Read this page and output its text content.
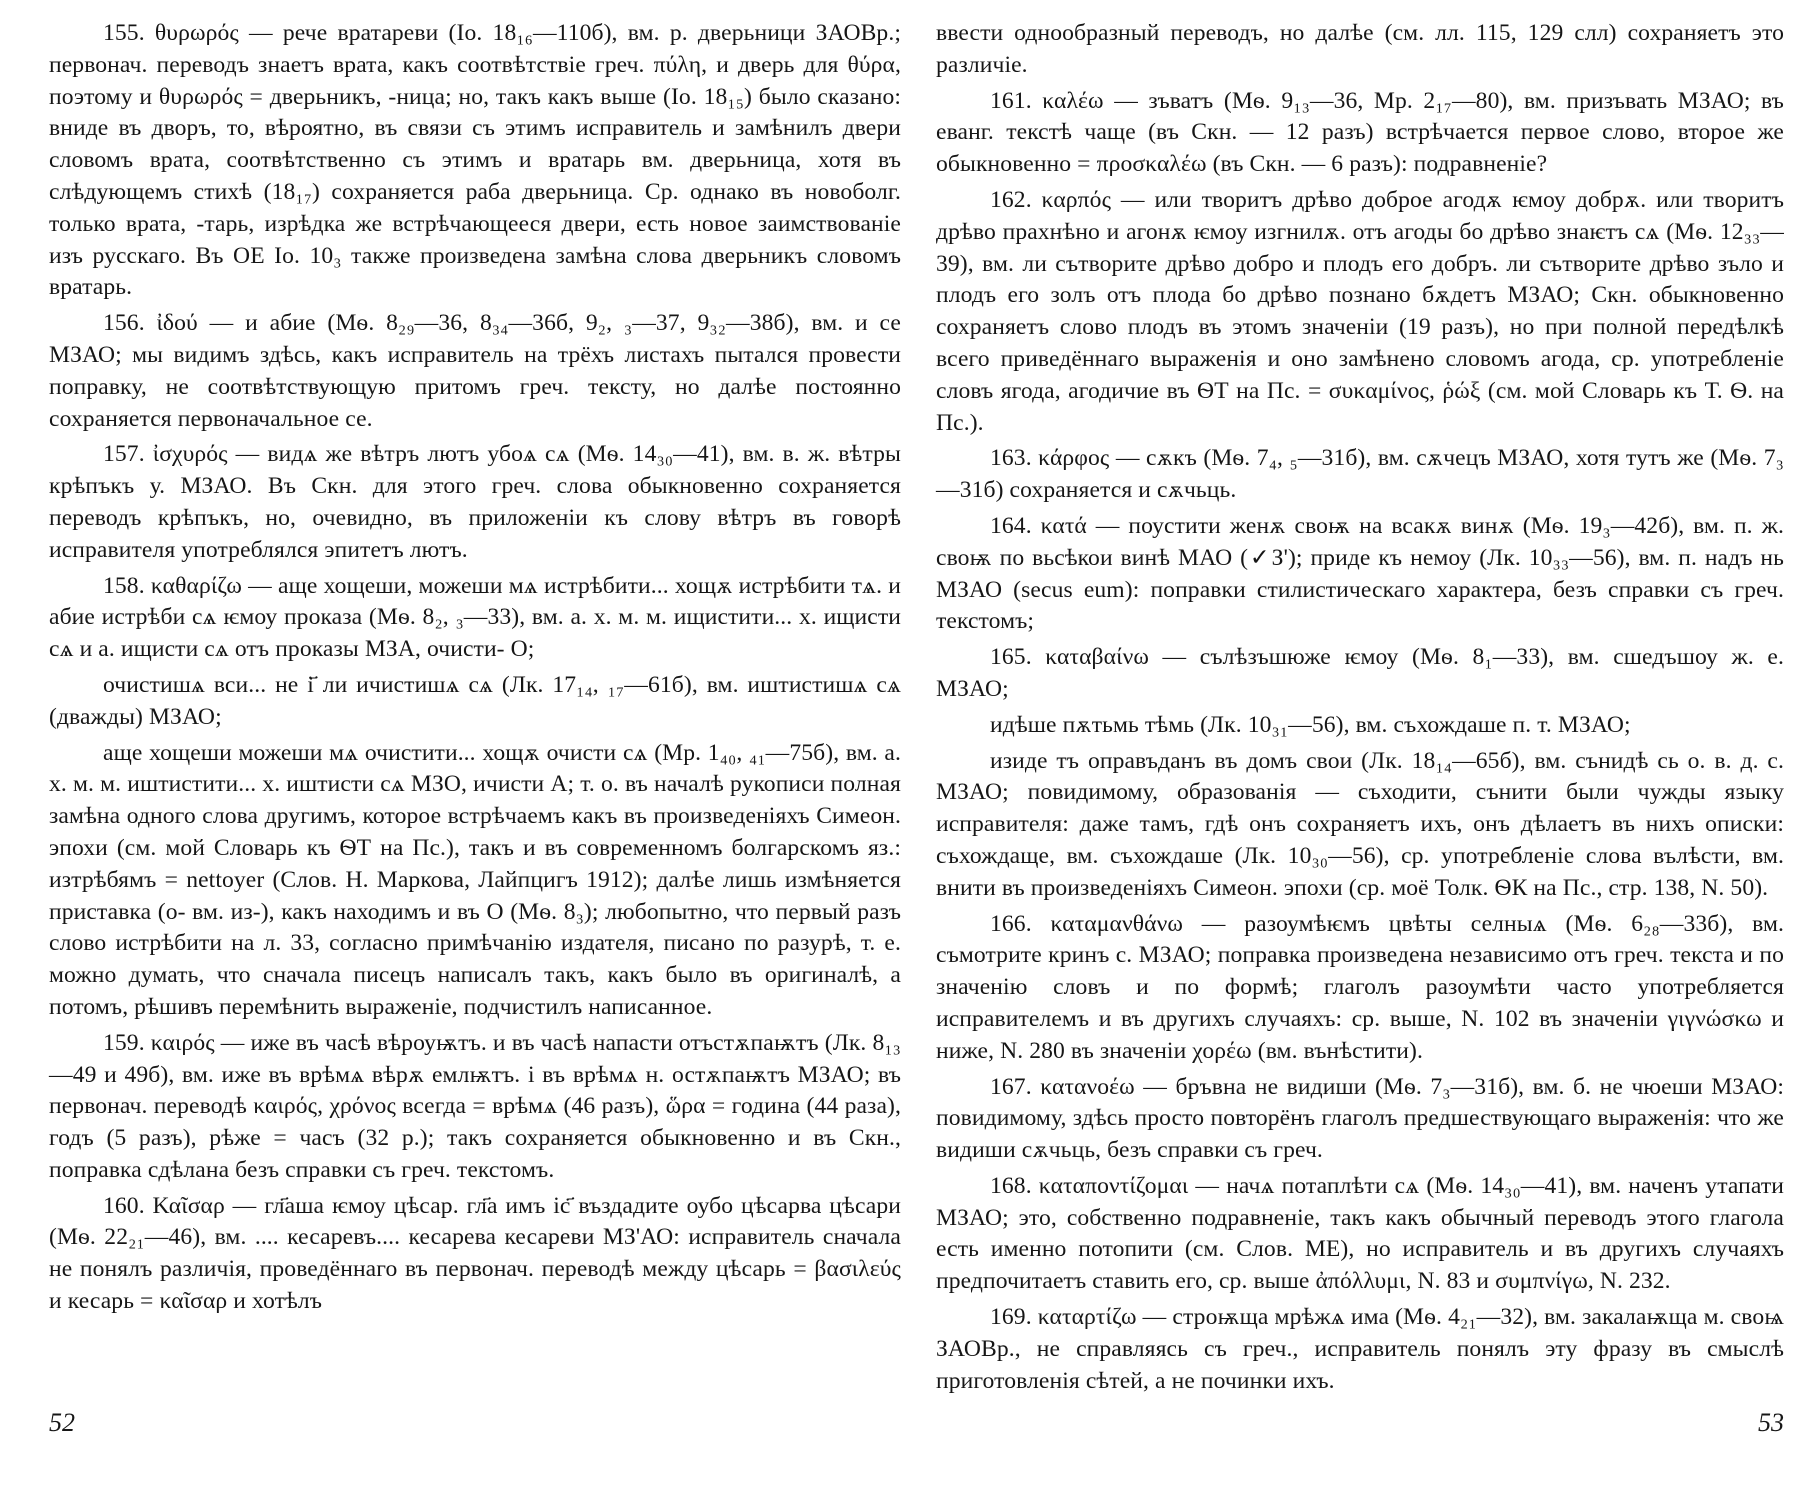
155. θυρωρός — рече вратареви (Іо. 18₁₆—110б), вм. р. дверьници ЗАОВр.; первонач. переводъ знаетъ врата, какъ соотвѣтствіе греч. πύλη, и дверь для θύρα, поэтому и θυρωρός = дверьникъ, -ница; но, такъ какъ выше (Іо. 18₁₅) было сказано: вниде въ дворъ, то, вѣроятно, въ связи съ этимъ исправитель и замѣнилъ двери словомъ врата, соотвѣтственно съ этимъ и вратарь вм. дверьница, хотя въ слѣдующемъ стихѣ (18₁₇) сохраняется раба дверьница. Ср. однако въ новоболг. только врата, -тарь, изрѣдка же встрѣчающееся двери, есть новое заимствованіе изъ русскаго. Въ ОЕ Іо. 10₃ также произведена замѣна слова дверьникъ словомъ вратарь.

156. ἰδού — и абие (Мѳ. 8₂₉—36, 8₃₄—36б, 9₂, ₃—37, 9₃₂—38б), вм. и се МЗАО; мы видимъ здѣсь, какъ исправитель на трёхъ листахъ пытался провести поправку, не соотвѣтствующую притомъ греч. тексту, но далѣе постоянно сохраняется первоначальное се.

157. ἰσχυρός — видѧ же вѣтръ лютъ убоѧ сѧ (Мѳ. 14₃₀—41), вм. в. ж. вѣтры крѣпъкъ у. МЗАО. Въ Скн. для этого греч. слова обыкновенно сохраняется переводъ крѣпъкъ, но, очевидно, въ приложеніи къ слову вѣтръ въ говорѣ исправителя употреблялся эпитетъ лютъ.

158. καθαρίζω — аще хощеши, можеши мѧ истрѣбити... хощѫ истрѣбити тѧ. и абие истрѣби сѧ ѥмоу проказа (Мѳ. 8₂, ₃—33), вм. а. х. м. м. ищистити... х. ищисти сѧ и а. ищисти сѧ отъ проказы МЗА, очисти- О;

очистишѧ вси... не і҃ ли ичистишѧ сѧ (Лк. 17₁₄, ₁₇—61б), вм. иштистишѧ сѧ (дважды) МЗАО;

аще хощеши можеши мѧ очистити... хощѫ очисти сѧ (Мр. 1₄₀, ₄₁—75б), вм. а. х. м. м. иштистити... х. иштисти сѧ МЗО, ичисти А; т. о. въ началѣ рукописи полная замѣна одного слова другимъ, которое встрѣчаемъ какъ въ произведеніяхъ Симеон. эпохи (см. мой Словарь къ ѲТ на Пс.), такъ и въ современномъ болгарскомъ яз.: изтрѣбямъ = nettoyer (Слов. Н. Маркова, Лайпцигъ 1912); далѣе лишь измѣняется приставка (о- вм. из-), какъ находимъ и въ О (Мѳ. 8₃); любопытно, что первый разъ слово истрѣбити на л. 33, согласно примѣчанію издателя, писано по разурѣ, т. е. можно думать, что сначала писецъ написалъ такъ, какъ было въ оригиналѣ, а потомъ, рѣшивъ перемѣнить выраженіе, подчистилъ написанное.

159. καιρός — иже въ часѣ вѣроуѭтъ. и въ часѣ напасти отъстѫпаѭтъ (Лк. 8₁₃—49 и 49б), вм. иже въ врѣмѧ вѣрѫ емлѭтъ. і въ врѣмѧ н. остѫпаѭтъ МЗАО; въ первонач. переводѣ καιρός, χρόνος всегда = врѣмѧ (46 разъ), ὥρα = година (44 раза), годъ (5 разъ), рѣже = часъ (32 р.); такъ сохраняется обыкновенно и въ Скн., поправка сдѣлана безъ справки съ греч. текстомъ.

160. Καῖσαρ — гл҃аша ѥмоу цѣсар. гл҃а имъ іс҃ въздадите оубо цѣсарва цѣсари (Мѳ. 22₂₁—46), вм. .... кесаревъ.... кесарева кесареви МЗ'АО: исправитель сначала не понялъ различія, проведённаго въ первонач. переводѣ между цѣсарь = βασιλεύς и кесарь = καῖσαρ и хотѣлъ

52

ввести однообразный переводъ, но далѣе (см. лл. 115, 129 слл) сохраняетъ это различіе.

161. καλέω — зъватъ (Мѳ. 9₁₃—36, Мр. 2₁₇—80), вм. призъвать МЗАО; въ еванг. текстѣ чаще (въ Скн. — 12 разъ) встрѣчается первое слово, второе же обыкновенно = προσκαλέω (въ Скн. — 6 разъ): подравненіе?

162. καρπός — или творитъ дрѣво доброе агодѫ ѥмоу добрѫ. или творитъ дрѣво прахнѣно и агонѫ ѥмоу изгнилѫ. отъ агоды бо дрѣво знаѥтъ сѧ (Мѳ. 12₃₃—39), вм. ли сътворите дрѣво добро и плодъ его добръ. ли сътворите дрѣво зъло и плодъ его золъ отъ плода бо дрѣво познано бѫдетъ МЗАО; Скн. обыкновенно сохраняетъ слово плодъ въ этомъ значеніи (19 разъ), но при полной передѣлкѣ всего приведённаго выраженія и оно замѣнено словомъ агода, ср. употребленіе словъ ягода, агодичие въ ѲТ на Пс. = συκαμίνος, ῥώξ (см. мой Словарь къ Т. Ѳ. на Пс.).

163. κάρφος — сѫкъ (Мѳ. 7₄, ₅—31б), вм. сѫчецъ МЗАО, хотя тутъ же (Мѳ. 7₃—31б) сохраняется и сѫчьць.

164. κατά — поустити женѫ своѭ на всакѫ винѫ (Мѳ. 19₃—42б), вм. п. ж. своѭ по вьсѣкои винѣ МАО (✓З'); приде къ немоу (Лк. 10₃₃—56), вм. п. надъ нь МЗАО (secus eum): поправки стилистическаго характера, безъ справки съ греч. текстомъ;

165. καταβαίνω — сълѣзъшюже ѥмоу (Мѳ. 8₁—33), вм. сшедъшоу ж. е. МЗАО;

идѣше пѫтьмь тѣмь (Лк. 10₃₁—56), вм. съхождаше п. т. МЗАО;

изиде тъ оправъданъ въ домъ свои (Лк. 18₁₄—65б), вм. сънидѣ сь о. в. д. с. МЗАО; повидимому, образованія — съходити, сънити были чужды языку исправителя: даже тамъ, гдѣ онъ сохраняетъ ихъ, онъ дѣлаетъ въ нихъ описки: съхождаще, вм. съхождаше (Лк. 10₃₀—56), ср. употребленіе слова вълѣсти, вм. внити въ произведеніяхъ Симеон. эпохи (ср. моё Толк. ѲК на Пс., стр. 138, N. 50).

166. καταμανθάνω — разоумѣѥмъ цвѣты селныѧ (Мѳ. 6₂₈—33б), вм. съмотрите кринъ с. МЗАО; поправка произведена независимо отъ греч. текста и по значенію словъ и по формѣ; глаголъ разоумѣти часто употребляется исправителемъ и въ другихъ случаяхъ: ср. выше, N. 102 въ значеніи γιγνώσκω и ниже, N. 280 въ значеніи χορέω (вм. вънѣстити).

167. κατανοέω — бръвна не видиши (Мѳ. 7₃—31б), вм. б. не чюеши МЗАО: повидимому, здѣсь просто повторёнъ глаголъ предшествующаго выраженія: что же видиши сѫчьць, безъ справки съ греч.

168. καταποντίζομαι — начѧ потаплѣти сѧ (Мѳ. 14₃₀—41), вм. наченъ утапати МЗАО; это, собственно подравненіе, такъ какъ обычный переводъ этого глагола есть именно потопити (см. Слов. МЕ), но исправитель и въ другихъ случаяхъ предпочитаетъ ставить его, ср. выше ἀπόλλυμι, N. 83 и συμπνίγω, N. 232.

169. καταρτίζω — строѭща мрѣжѧ има (Мѳ. 4₂₁—32), вм. закалаѭща м. своѩ ЗАОВр., не справляясь съ греч., исправитель понялъ эту фразу въ смыслѣ приготовленія сѣтей, а не починки ихъ.

53
